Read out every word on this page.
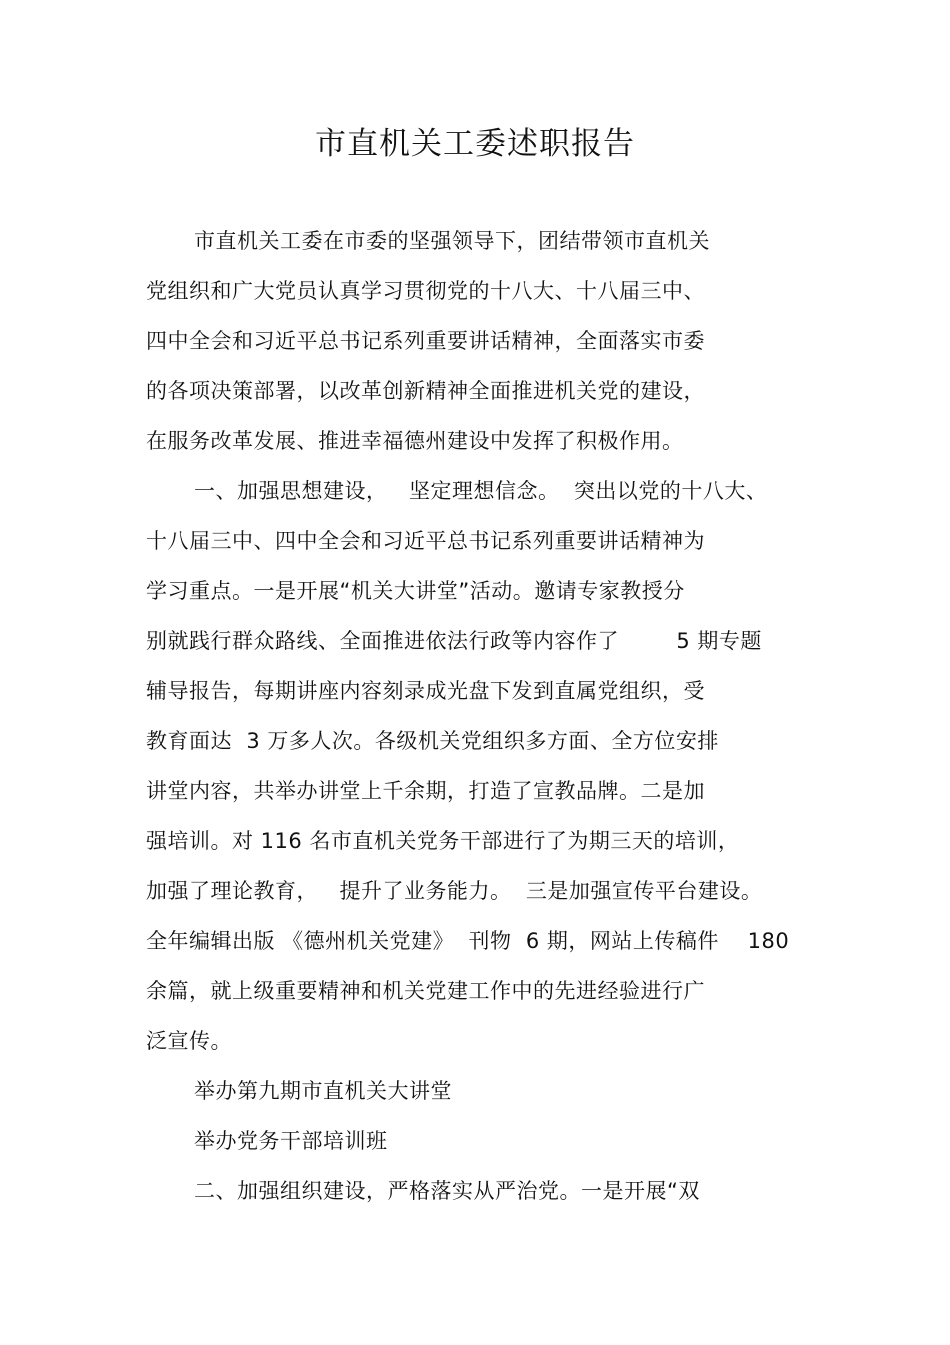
市直机关工委述职报告
市直机关工委在市委的坚强领导下，团结带领市直机关
党组织和广大党员认真学习贯彻党的十八大、十八届三中、
四中全会和习近平总书记系列重要讲话精神，全面落实市委
的各项决策部署，以改革创新精神全面推进机关党的建设，
在服务改革发展、推进幸福德州建设中发挥了积极作用。
一、加强思想建设，   坚定理想信念。  突出以党的十八大、
十八届三中、四中全会和习近平总书记系列重要讲话精神为
学习重点。一是开展“机关大讲堂”活动。邀请专家教授分
别就践行群众路线、全面推进依法行政等内容作了        5 期专题
辅导报告，每期讲座内容刻录成光盘下发到直属党组织，受
教育面达  3 万多人次。各级机关党组织多方面、全方位安排
讲堂内容，共举办讲堂上千余期，打造了宣教品牌。二是加
强培训。对 116 名市直机关党务干部进行了为期三天的培训，
加强了理论教育，   提升了业务能力。  三是加强宣传平台建设。
全年编辑出版 《德州机关党建》  刊物  6 期，网站上传稿件    180
余篇，就上级重要精神和机关党建工作中的先进经验进行广
泛宣传。
举办第九期市直机关大讲堂
举办党务干部培训班
二、加强组织建设，严格落实从严治党。一是开展“双
